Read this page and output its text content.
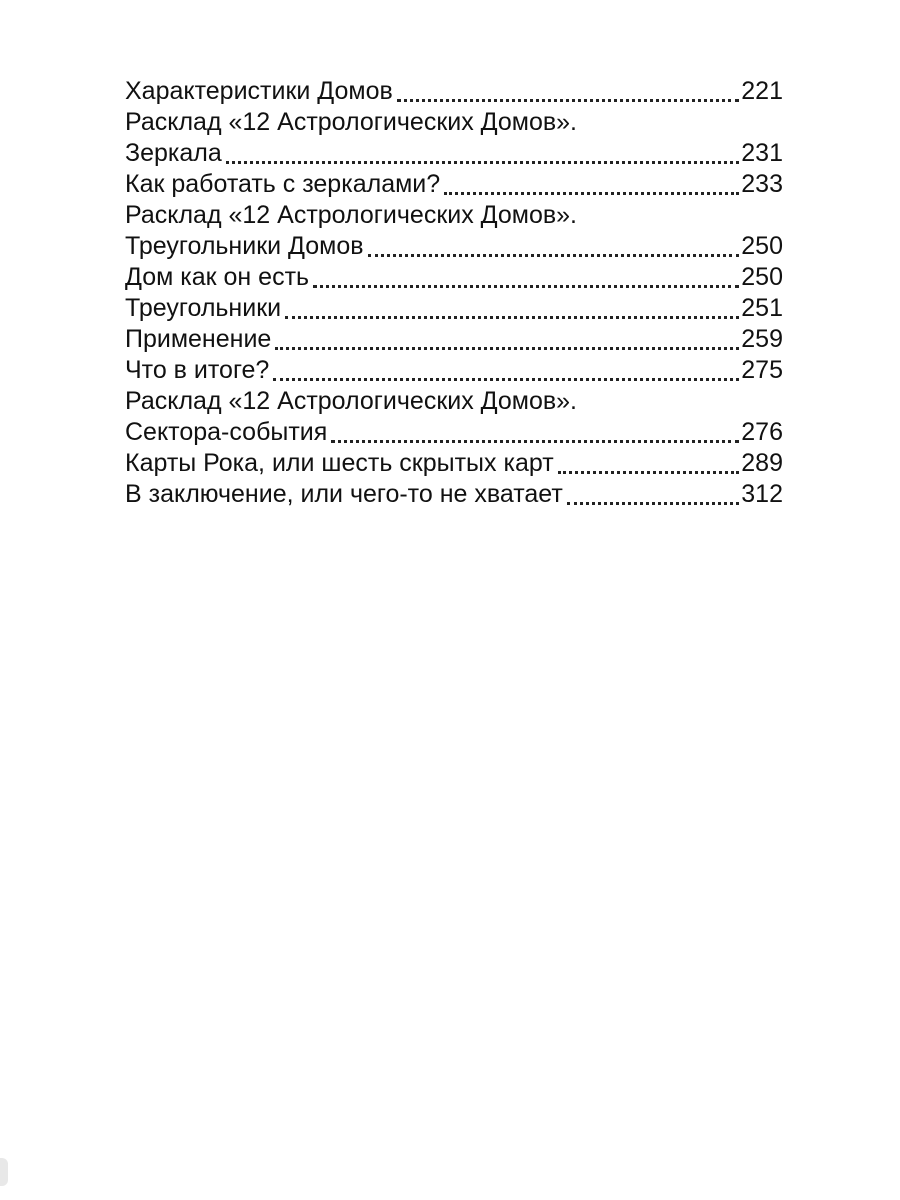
Характеристики Домов	221
Расклад «12 Астрологических Домов».
Зеркала	231
Как работать с зеркалами?	233
Расклад «12 Астрологических Домов».
Треугольники Домов	250
Дом как он есть	250
Треугольники	251
Применение	259
Что в итоге?	275
Расклад «12 Астрологических Домов».
Сектора-события	276
Карты Рока, или шесть скрытых карт	289
В заключение, или чего-то не хватает	312
